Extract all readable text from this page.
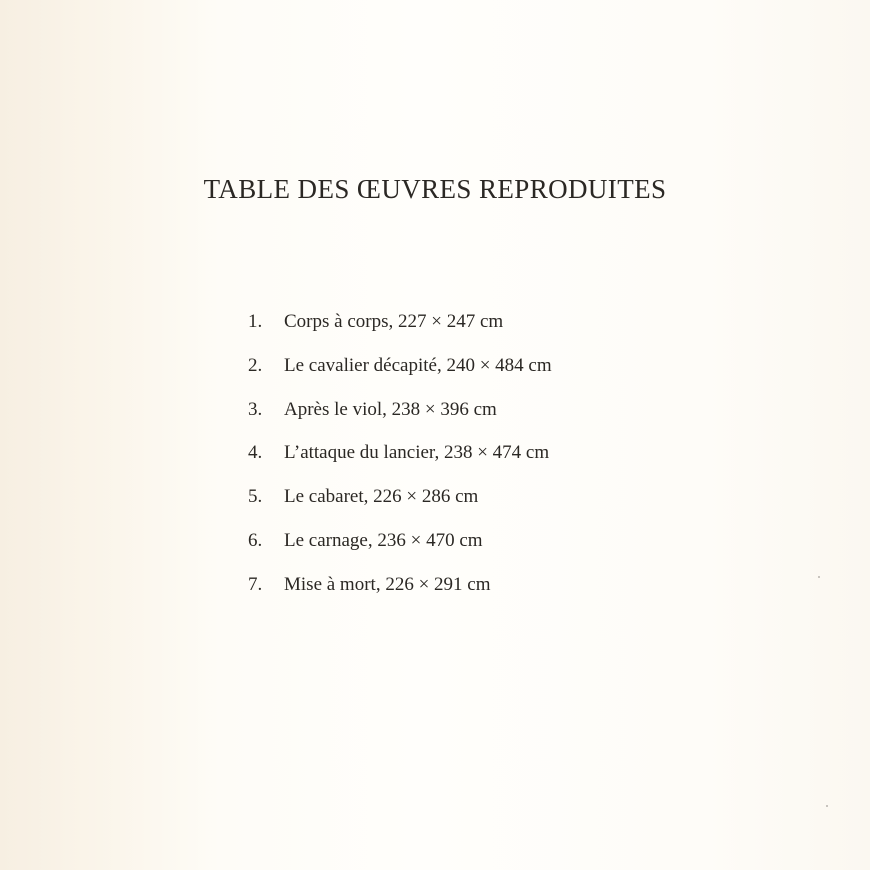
TABLE DES ŒUVRES REPRODUITES
1. Corps à corps, 227 × 247 cm
2. Le cavalier décapité, 240 × 484 cm
3. Après le viol, 238 × 396 cm
4. L’attaque du lancier, 238 × 474 cm
5. Le cabaret, 226 × 286 cm
6. Le carnage, 236 × 470 cm
7. Mise à mort, 226 × 291 cm
